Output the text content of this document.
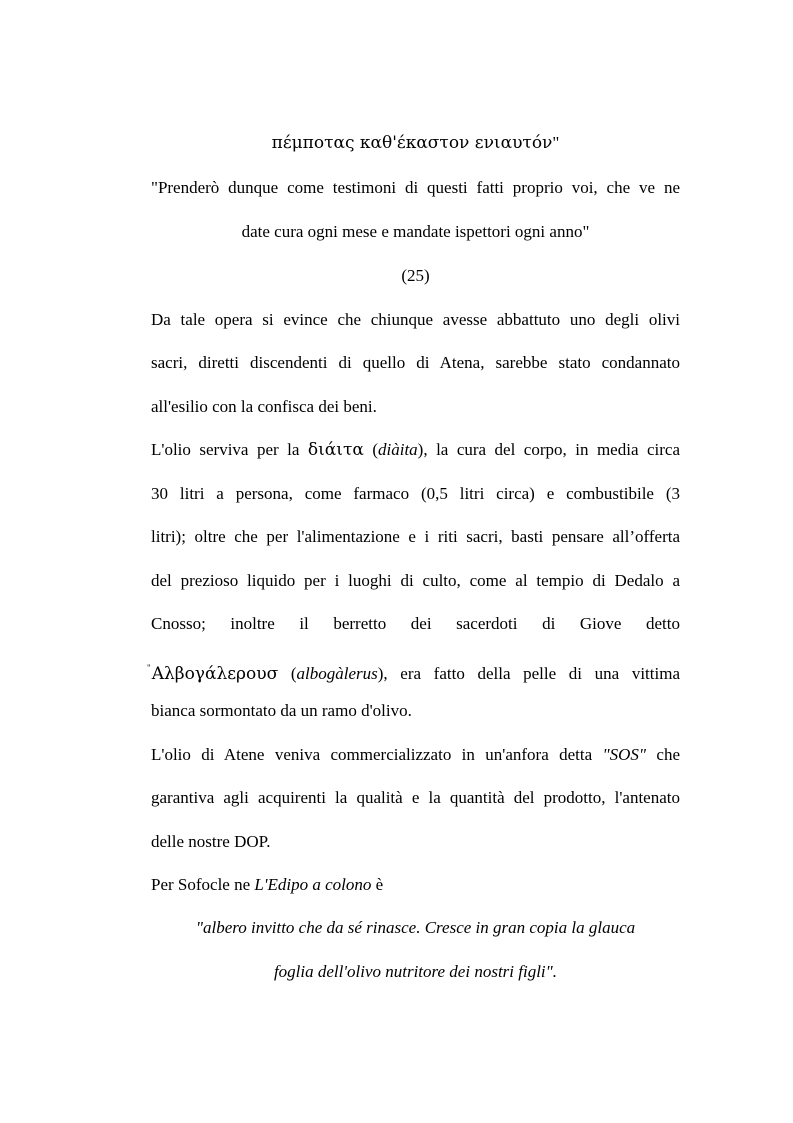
πέμποτας καθ'έκαστον ενιαυτόν"
"Prenderò dunque come testimoni di questi fatti proprio voi, che ve ne
date cura ogni mese e mandate ispettori ogni anno"
(25)
Da tale opera si evince che chiunque avesse abbattuto uno degli olivi
sacri, diretti discendenti di quello di Atena, sarebbe stato condannato
all'esilio con la confisca dei beni.
L'olio serviva per la διάιτα (diàita), la cura del corpo, in media circa
30 litri a persona, come farmaco (0,5 litri circa) e combustibile (3
litri); oltre che per l'alimentazione e i riti sacri, basti pensare all’offerta
del prezioso liquido per i luoghi di culto, come al tempio di Dedalo a
Cnosso; inoltre il berretto dei sacerdoti di Giove detto
"Αλβογάλερουσ (albogàlerus), era fatto della pelle di una vittima
bianca sormontato da un ramo d'olivo.
L'olio di Atene veniva commercializzato in un'anfora detta "SOS" che
garantiva agli acquirenti la qualità e la quantità del prodotto, l'antenato
delle nostre DOP.
Per Sofocle ne L'Edipo a colono è
"albero invitto che da sé rinasce. Cresce in gran copia la glauca
foglia dell'olivo nutritore dei nostri figli".
